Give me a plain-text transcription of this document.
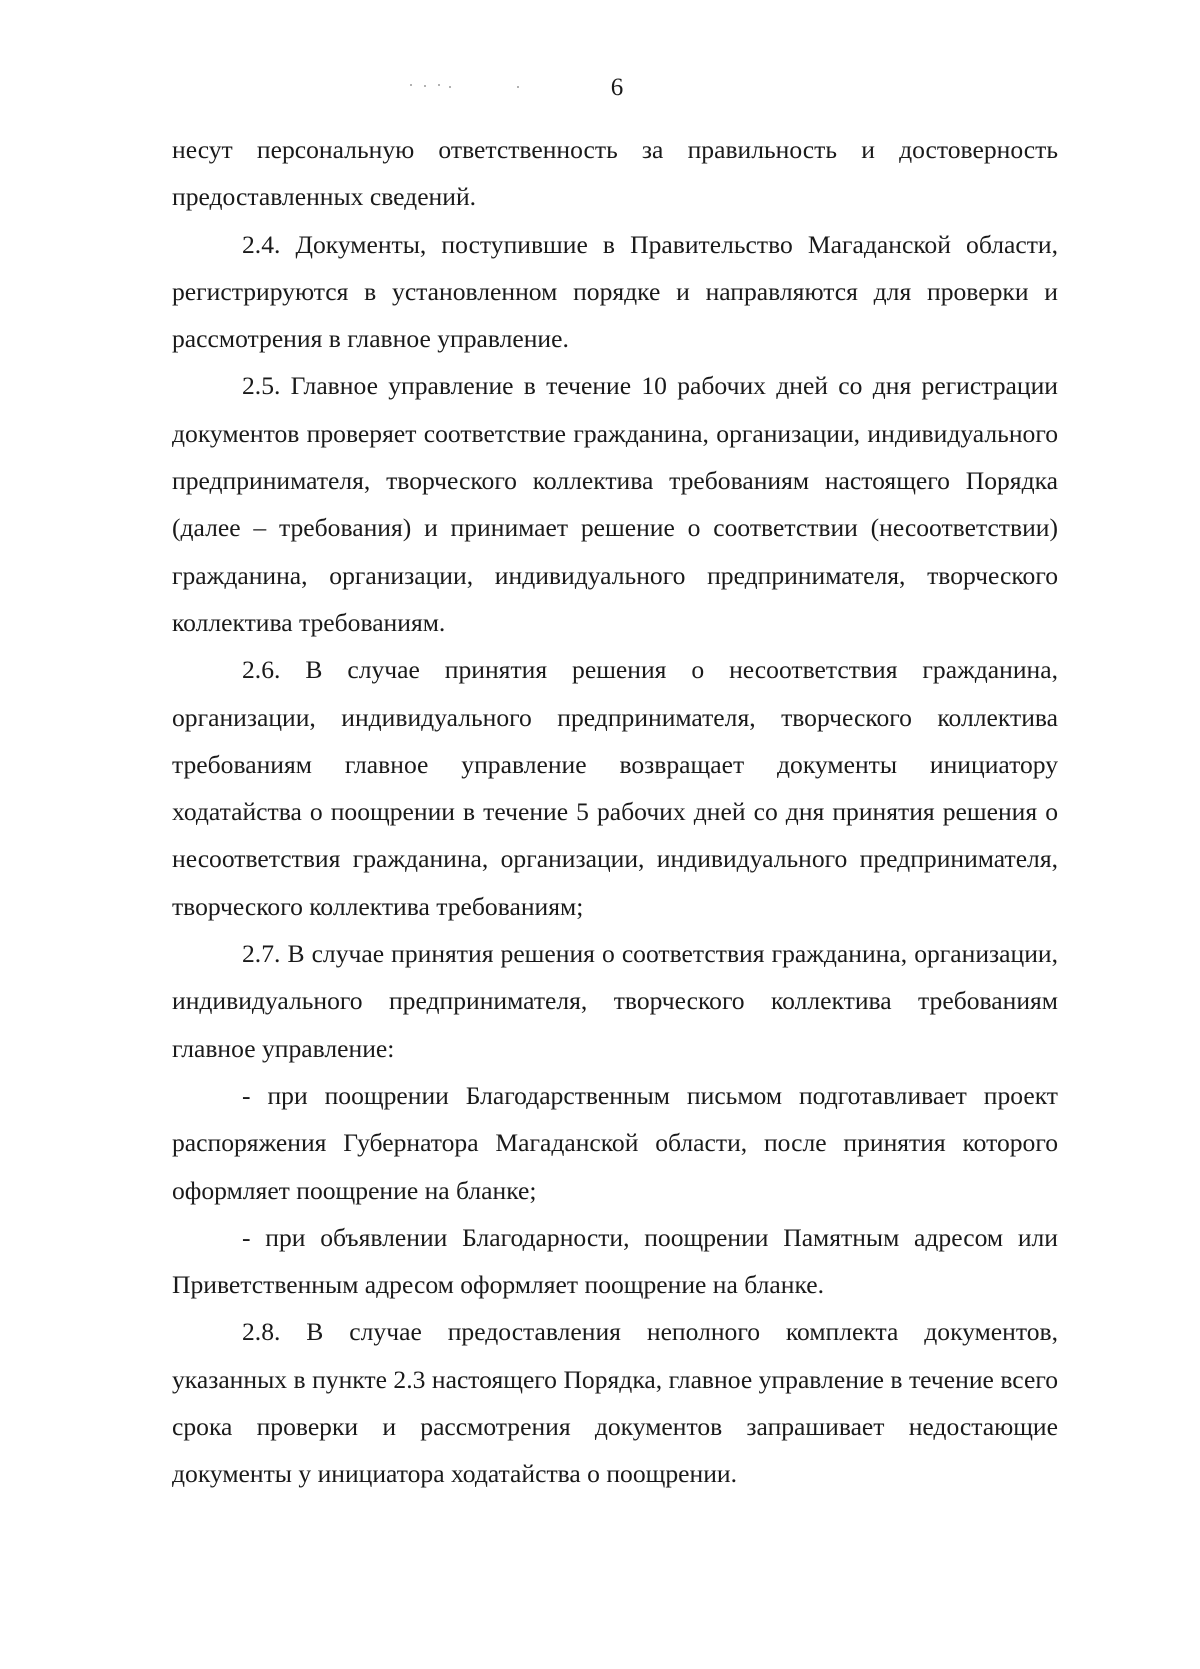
6

несут персональную ответственность за правильность и достоверность предоставленных сведений.

2.4. Документы, поступившие в Правительство Магаданской области, регистрируются в установленном порядке и направляются для проверки и рассмотрения в главное управление.

2.5. Главное управление в течение 10 рабочих дней со дня регистрации документов проверяет соответствие гражданина, организации, индивидуального предпринимателя, творческого коллектива требованиям настоящего Порядка (далее – требования) и принимает решение о соответствии (несоответствии) гражданина, организации, индивидуального предпринимателя, творческого коллектива требованиям.

2.6. В случае принятия решения о несоответствия гражданина, организации, индивидуального предпринимателя, творческого коллектива требованиям главное управление возвращает документы инициатору ходатайства о поощрении в течение 5 рабочих дней со дня принятия решения о несоответствия гражданина, организации, индивидуального предпринимателя, творческого коллектива требованиям;

2.7. В случае принятия решения о соответствия гражданина, организации, индивидуального предпринимателя, творческого коллектива требованиям главное управление:

- при поощрении Благодарственным письмом подготавливает проект распоряжения Губернатора Магаданской области, после принятия которого оформляет поощрение на бланке;

- при объявлении Благодарности, поощрении Памятным адресом или Приветственным адресом оформляет поощрение на бланке.

2.8. В случае предоставления неполного комплекта документов, указанных в пункте 2.3 настоящего Порядка, главное управление в течение всего срока проверки и рассмотрения документов запрашивает недостающие документы у инициатора ходатайства о поощрении.
